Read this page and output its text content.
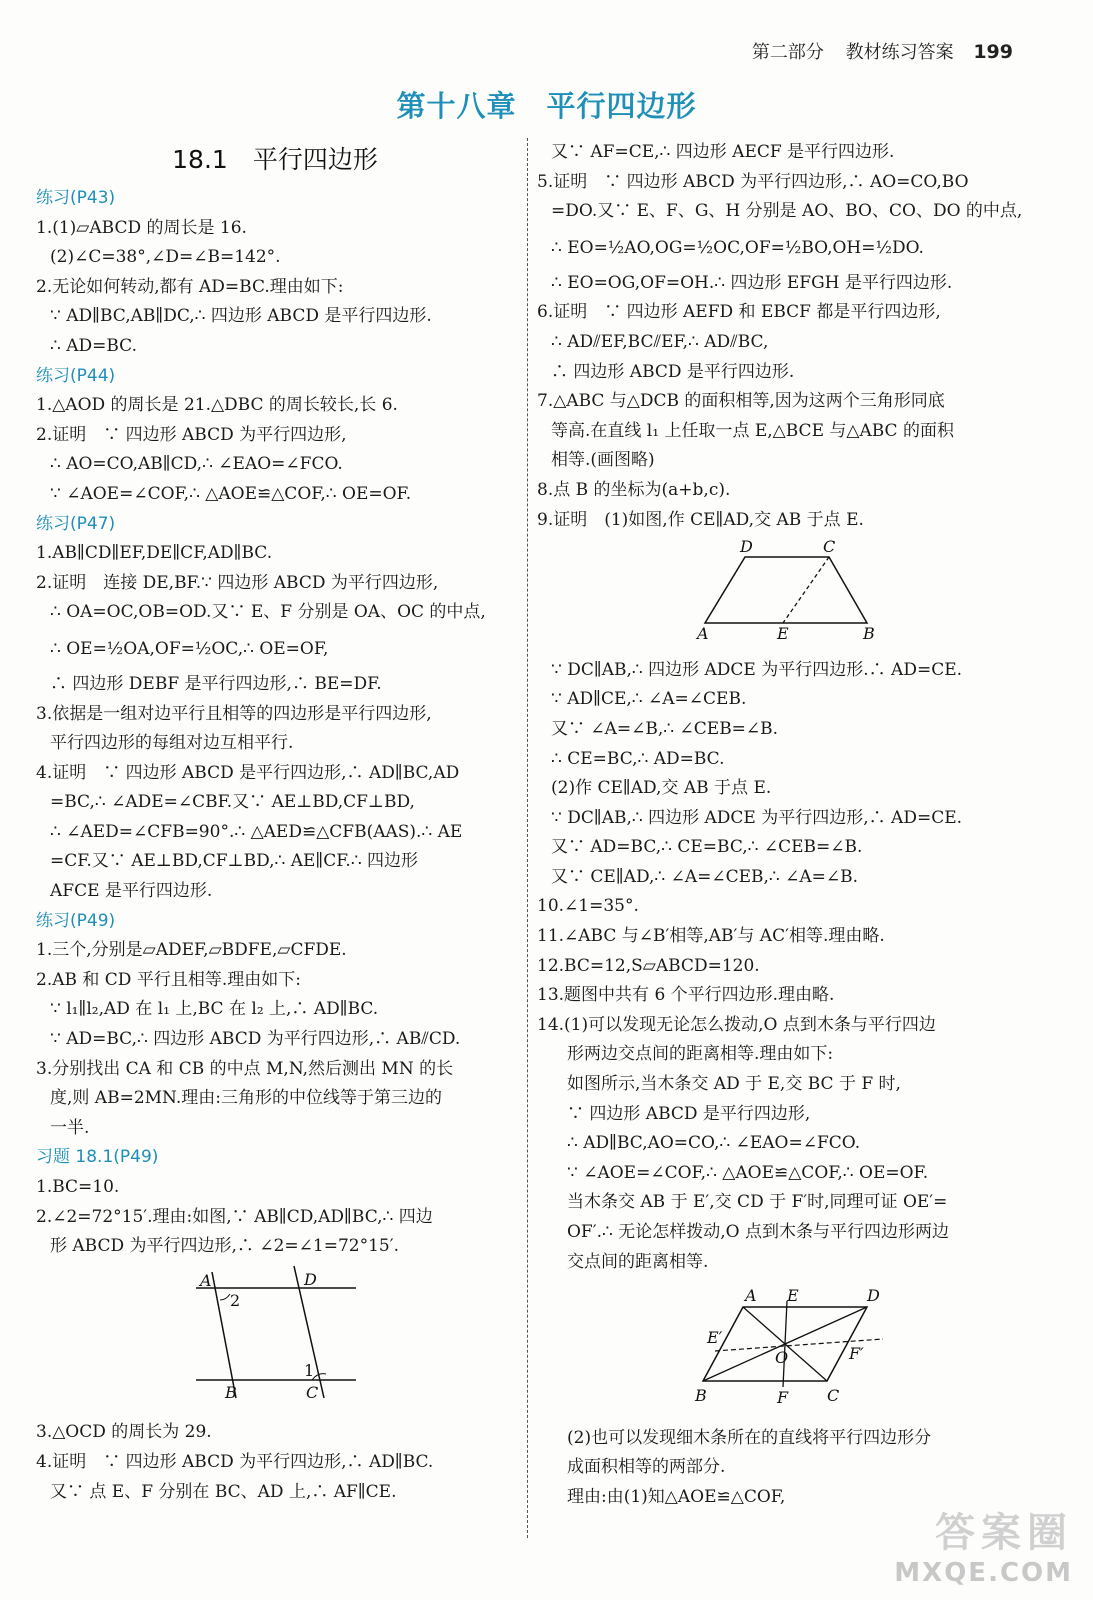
第二部分 教材练习答案 199
第十八章　平行四边形
18.1　平行四边形
练习(P43)
1.(1)▱ABCD 的周长是 16.
(2)∠C=38°,∠D=∠B=142°.
2.无论如何转动,都有 AD=BC.理由如下:
∵ AD∥BC,AB∥DC,∴ 四边形 ABCD 是平行四边形.
∴ AD=BC.
练习(P44)
1.△AOD 的周长是 21.△DBC 的周长较长,长 6.
2.证明　∵ 四边形 ABCD 为平行四边形,
∴ AO=CO,AB∥CD,∴ ∠EAO=∠FCO.
∵ ∠AOE=∠COF,∴ △AOE≌△COF,∴ OE=OF.
练习(P47)
1.AB∥CD∥EF,DE∥CF,AD∥BC.
2.证明　连接 DE,BF.∵ 四边形 ABCD 为平行四边形,
∴ OA=OC,OB=OD.又∵ E、F 分别是 OA、OC 的中点,
∴ OE=½OA,OF=½OC,∴ OE=OF,
∴ 四边形 DEBF 是平行四边形,∴ BE=DF.
3.依据是一组对边平行且相等的四边形是平行四边形,
平行四边形的每组对边互相平行.
4.证明　∵ 四边形 ABCD 是平行四边形,∴ AD∥BC,AD
=BC,∴ ∠ADE=∠CBF.又∵ AE⊥BD,CF⊥BD,
∴ ∠AED=∠CFB=90°.∴ △AED≌△CFB(AAS).∴ AE
=CF.又∵ AE⊥BD,CF⊥BD,∴ AE∥CF.∴ 四边形
AFCE 是平行四边形.
练习(P49)
1.三个,分别是▱ADEF,▱BDFE,▱CFDE.
2.AB 和 CD 平行且相等.理由如下:
∵ l₁∥l₂,AD 在 l₁ 上,BC 在 l₂ 上,∴ AD∥BC.
∵ AD=BC,∴ 四边形 ABCD 为平行四边形,∴ AB⫽CD.
3.分别找出 CA 和 CB 的中点 M,N,然后测出 MN 的长
度,则 AB=2MN.理由:三角形的中位线等于第三边的
一半.
习题 18.1(P49)
1.BC=10.
2.∠2=72°15′.理由:如图,∵ AB∥CD,AD∥BC,∴ 四边
形 ABCD 为平行四边形,∴ ∠2=∠1=72°15′.
A	D
B	C
1
2
3.△OCD 的周长为 29.
4.证明　∵ 四边形 ABCD 为平行四边形,∴ AD∥BC.
又∵ 点 E、F 分别在 BC、AD 上,∴ AF∥CE.
又∵ AF=CE,∴ 四边形 AECF 是平行四边形.
5.证明　∵ 四边形 ABCD 为平行四边形,∴ AO=CO,BO
=DO.又∵ E、F、G、H 分别是 AO、BO、CO、DO 的中点,
∴ EO=½AO,OG=½OC,OF=½BO,OH=½DO.
∴ EO=OG,OF=OH.∴ 四边形 EFGH 是平行四边形.
6.证明　∵ 四边形 AEFD 和 EBCF 都是平行四边形,
∴ AD⫽EF,BC⫽EF,∴ AD⫽BC,
∴ 四边形 ABCD 是平行四边形.
7.△ABC 与△DCB 的面积相等,因为这两个三角形同底
等高.在直线 l₁ 上任取一点 E,△BCE 与△ABC 的面积
相等.(画图略)
8.点 B 的坐标为(a+b,c).
9.证明　(1)如图,作 CE∥AD,交 AB 于点 E.
D	C
A	E	B
∵ DC∥AB,∴ 四边形 ADCE 为平行四边形.∴ AD=CE.
∵ AD∥CE,∴ ∠A=∠CEB.
又∵ ∠A=∠B,∴ ∠CEB=∠B.
∴ CE=BC,∴ AD=BC.
(2)作 CE∥AD,交 AB 于点 E.
∵ DC∥AB,∴ 四边形 ADCE 为平行四边形,∴ AD=CE.
又∵ AD=BC,∴ CE=BC,∴ ∠CEB=∠B.
又∵ CE∥AD,∴ ∠A=∠CEB,∴ ∠A=∠B.
10.∠1=35°.
11.∠ABC 与∠B′相等,AB′与 AC′相等.理由略.
12.BC=12,S▱ABCD=120.
13.题图中共有 6 个平行四边形.理由略.
14.(1)可以发现无论怎么拨动,O 点到木条与平行四边
形两边交点间的距离相等.理由如下:
如图所示,当木条交 AD 于 E,交 BC 于 F 时,
∵ 四边形 ABCD 是平行四边形,
∴ AD∥BC,AO=CO,∴ ∠EAO=∠FCO.
∵ ∠AOE=∠COF,∴ △AOE≌△COF,∴ OE=OF.
当木条交 AB 于 E′,交 CD 于 F′时,同理可证 OE′=
OF′.∴ 无论怎样拨动,O 点到木条与平行四边形两边
交点间的距离相等.
A E	D
E′
O	F′
B	F C
(2)也可以发现细木条所在的直线将平行四边形分
成面积相等的两部分.
理由:由(1)知△AOE≌△COF,
答案圈
MXQE.COM
